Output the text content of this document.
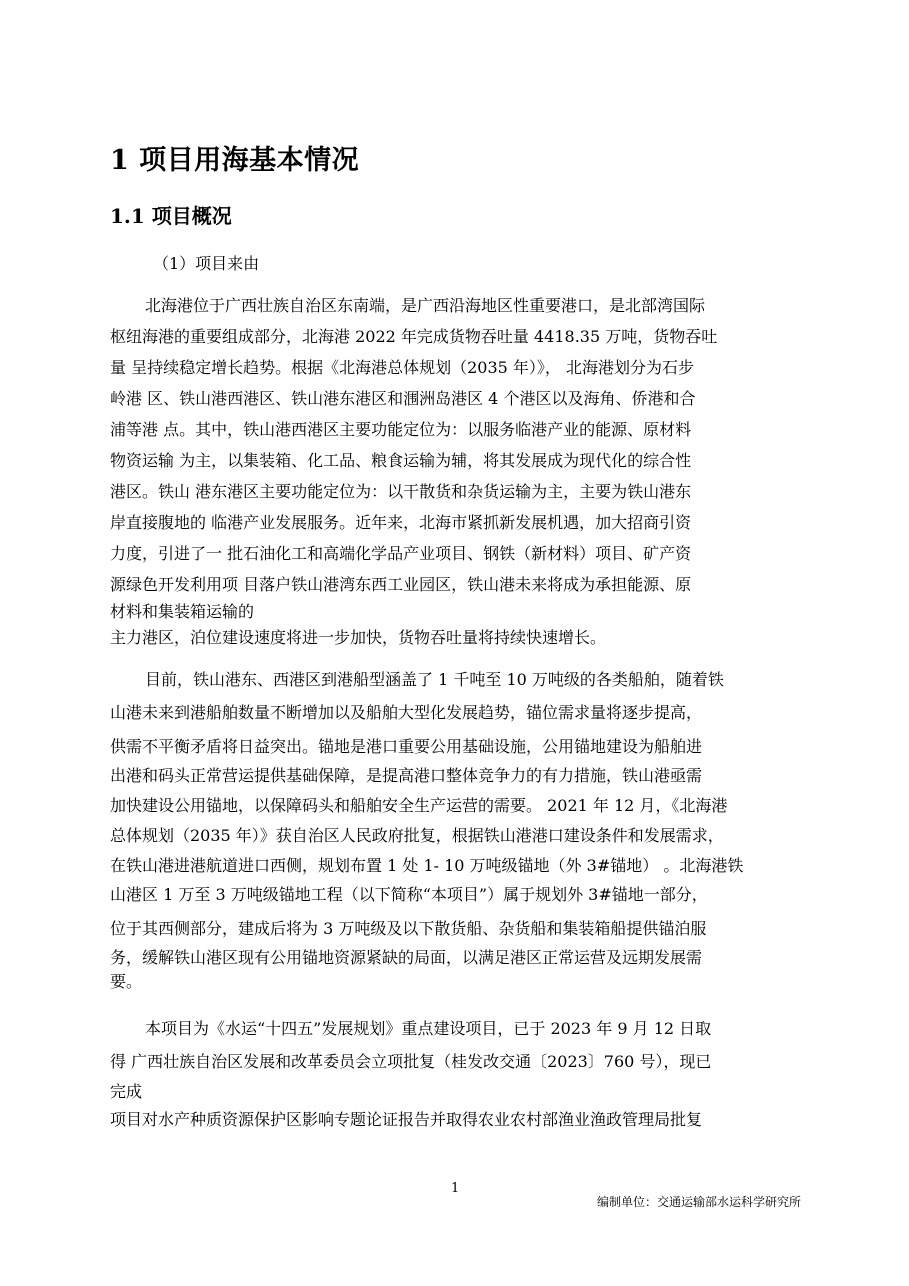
1 项目用海基本情况
1.1 项目概况
（1）项目来由
北海港位于广西壮族自治区东南端，是广西沿海地区性重要港口，是北部湾国际
枢纽海港的重要组成部分，北海港 2022 年完成货物吞吐量 4418.35 万吨，货物吞吐
量 呈持续稳定增长趋势。根据《北海港总体规划（2035 年）》， 北海港划分为石步
岭港 区、铁山港西港区、铁山港东港区和涠洲岛港区 4 个港区以及海角、侨港和合
浦等港 点。其中，铁山港西港区主要功能定位为：以服务临港产业的能源、原材料
物资运输 为主，以集装箱、化工品、粮食运输为辅，将其发展成为现代化的综合性
港区。铁山 港东港区主要功能定位为：以干散货和杂货运输为主，主要为铁山港东
岸直接腹地的 临港产业发展服务。近年来，北海市紧抓新发展机遇，加大招商引资
力度，引进了一 批石油化工和高端化学品产业项目、钢铁（新材料）项目、矿产资
源绿色开发利用项 目落户铁山港湾东西工业园区，铁山港未来将成为承担能源、原
材料和集装箱运输的
主力港区，泊位建设速度将进一步加快，货物吞吐量将持续快速增长。
目前，铁山港东、西港区到港船型涵盖了 1 千吨至 10 万吨级的各类船舶，随着铁
山港未来到港船舶数量不断增加以及船舶大型化发展趋势，锚位需求量将逐步提高，
供需不平衡矛盾将日益突出。锚地是港口重要公用基础设施，公用锚地建设为船舶进
出港和码头正常营运提供基础保障，是提高港口整体竞争力的有力措施，铁山港亟需
加快建设公用锚地，以保障码头和船舶安全生产运营的需要。 2021 年 12 月，《北海港
总体规划（2035 年）》获自治区人民政府批复，根据铁山港港口建设条件和发展需求，
在铁山港进港航道进口西侧，规划布置 1 处 1- 10 万吨级锚地（外 3#锚地） 。北海港铁
山港区 1 万至 3 万吨级锚地工程（以下简称“本项目”）属于规划外 3#锚地一部分，
位于其西侧部分，建成后将为 3 万吨级及以下散货船、杂货船和集装箱船提供锚泊服
务，缓解铁山港区现有公用锚地资源紧缺的局面，以满足港区正常运营及远期发展需
要。
本项目为《水运“十四五”发展规划》重点建设项目，已于 2023 年 9 月 12 日取
得 广西壮族自治区发展和改革委员会立项批复（桂发改交通〔2023〕760 号），现已
完成
项目对水产种质资源保护区影响专题论证报告并取得农业农村部渔业渔政管理局批复
1
编制单位：交通运输部水运科学研究所
